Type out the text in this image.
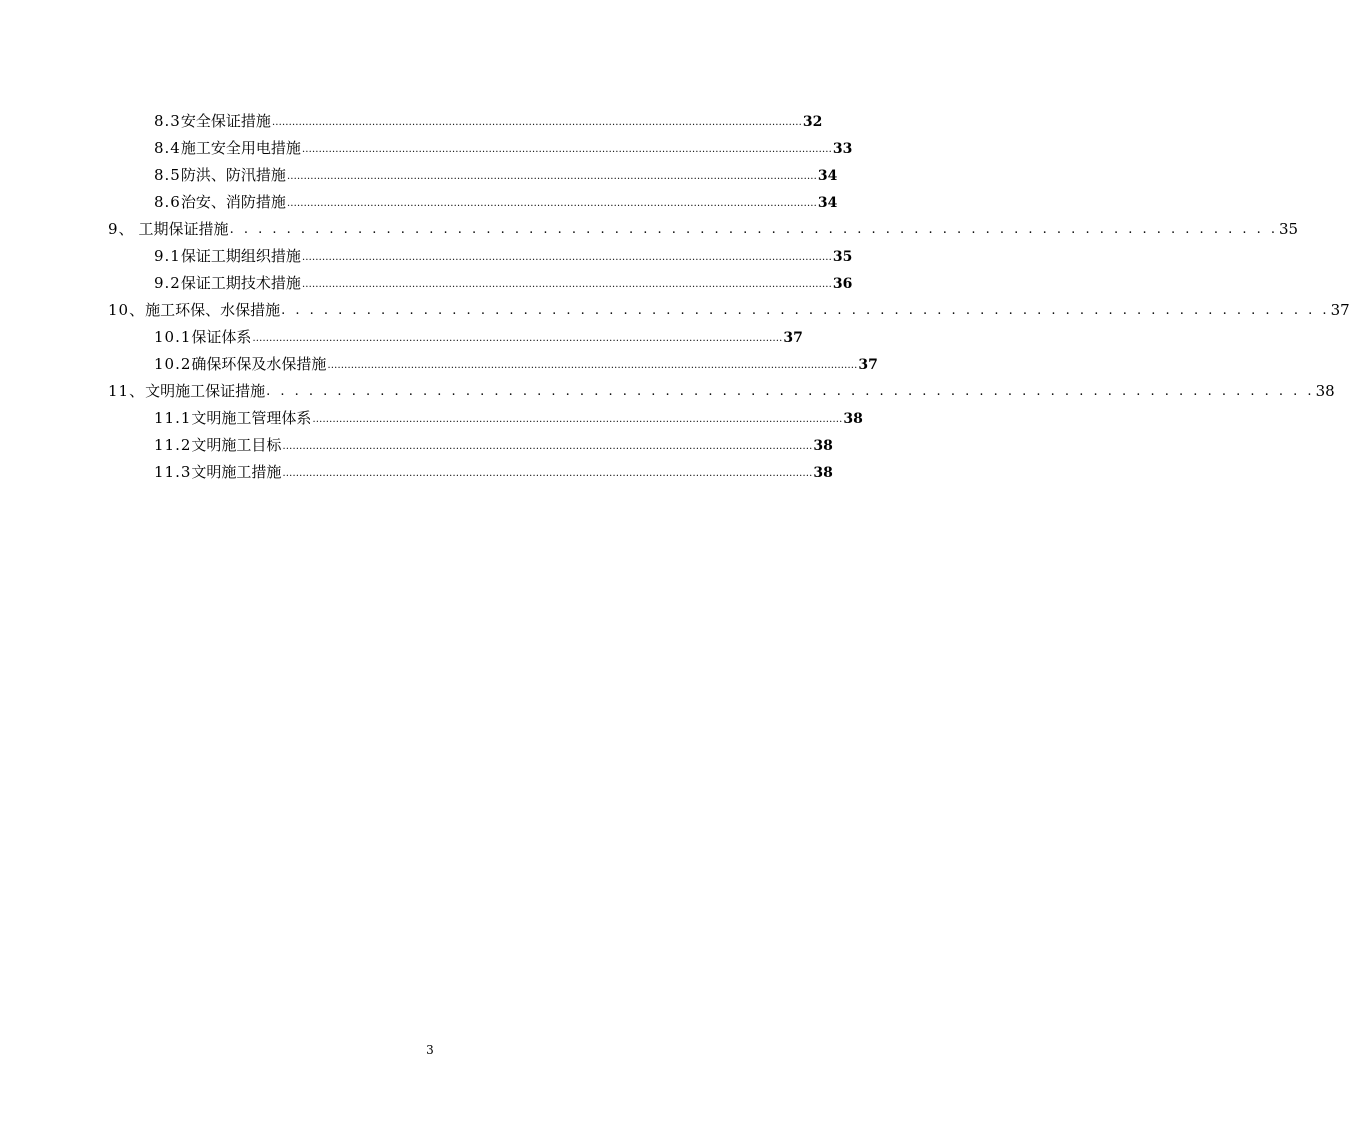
8.3 安全保证措施 …………………………………………………………………………………………………………………………………………… 32
8.4 施工安全用电措施 …………………………………………………………………………………………………………………………………………… 33
8.5 防洪、防汛措施 …………………………………………………………………………………………………………………………………………… 34
8.6 治安、消防措施 …………………………………………………………………………………………………………………………………………… 34
9、 工期保证措施 . . . . . . . . . . . . . . . . . . . . . . . . . . . . . . . . . . . . . . . . . . . . . . . . . . . . . . . . . . . . . . . . . . . . . . . . . . 35
9.1 保证工期组织措施 …………………………………………………………………………………………………………………………………………… 35
9.2 保证工期技术措施 …………………………………………………………………………………………………………………………………………… 36
10、 施工环保、水保措施 . . . . . . . . . . . . . . . . . . . . . . . . . . . . . . . . . . . . . . . . . . . . . . . . . . . . . . . . . . . . . . . . . . . . . . . . . . 37
10.1 保证体系 …………………………………………………………………………………………………………………………………………… 37
10.2 确保环保及水保措施 …………………………………………………………………………………………………………………………………………… 37
11、 文明施工保证措施 . . . . . . . . . . . . . . . . . . . . . . . . . . . . . . . . . . . . . . . . . . . . . . . . . . . . . . . . . . . . . . . . . . . . . . . . . . 38
11.1 文明施工管理体系 …………………………………………………………………………………………………………………………………………… 38
11.2 文明施工目标 …………………………………………………………………………………………………………………………………………… 38
11.3 文明施工措施 …………………………………………………………………………………………………………………………………………… 38
3
